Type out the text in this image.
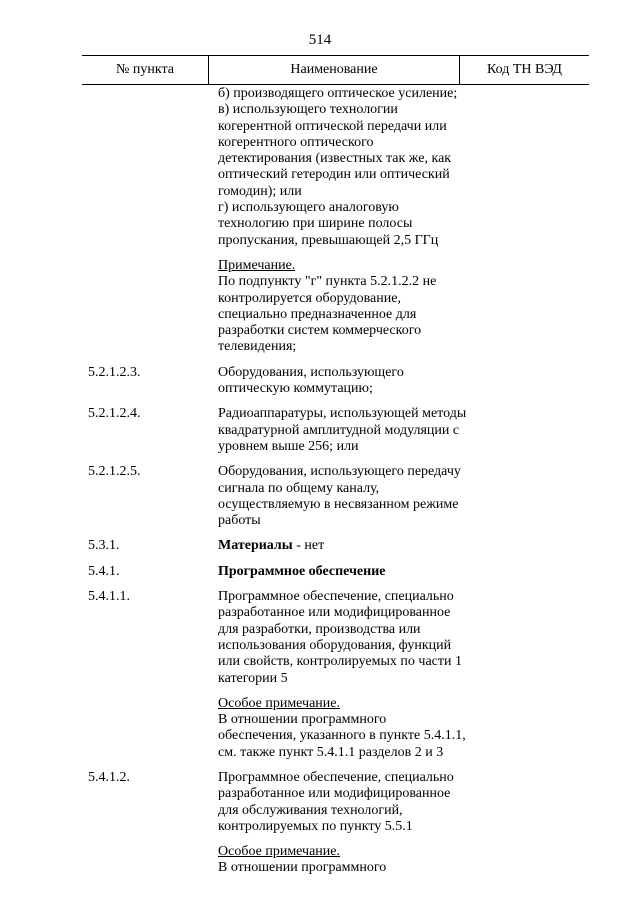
514
№ пункта	Наименование	Код ТН ВЭД
б) производящего оптическое усиление;
в) использующего технологии
когерентной оптической передачи или
когерентного оптического
детектирования (известных так же, как
оптический гетеродин или оптический
гомодин); или
г) использующего аналоговую
технологию при ширине полосы
пропускания, превышающей 2,5 ГГц
Примечание.
По подпункту "г" пункта 5.2.1.2.2 не
контролируется оборудование,
специально предназначенное для
разработки систем коммерческого
телевидения;
5.2.1.2.3.	Оборудования, использующего
оптическую коммутацию;
5.2.1.2.4.	Радиоаппаратуры, использующей методы
квадратурной амплитудной модуляции с
уровнем выше 256; или
5.2.1.2.5.	Оборудования, использующего передачу
сигнала по общему каналу,
осуществляемую в несвязанном режиме
работы
5.3.1.	Материалы - нет
5.4.1.	Программное обеспечение
5.4.1.1.	Программное обеспечение, специально
разработанное или модифицированное
для разработки, производства или
использования оборудования, функций
или свойств, контролируемых по части 1
категории 5
Особое примечание.
В отношении программного
обеспечения, указанного в пункте 5.4.1.1,
см. также пункт 5.4.1.1 разделов 2 и 3
5.4.1.2.	Программное обеспечение, специально
разработанное или модифицированное
для обслуживания технологий,
контролируемых по пункту 5.5.1
Особое примечание.
В отношении программного
